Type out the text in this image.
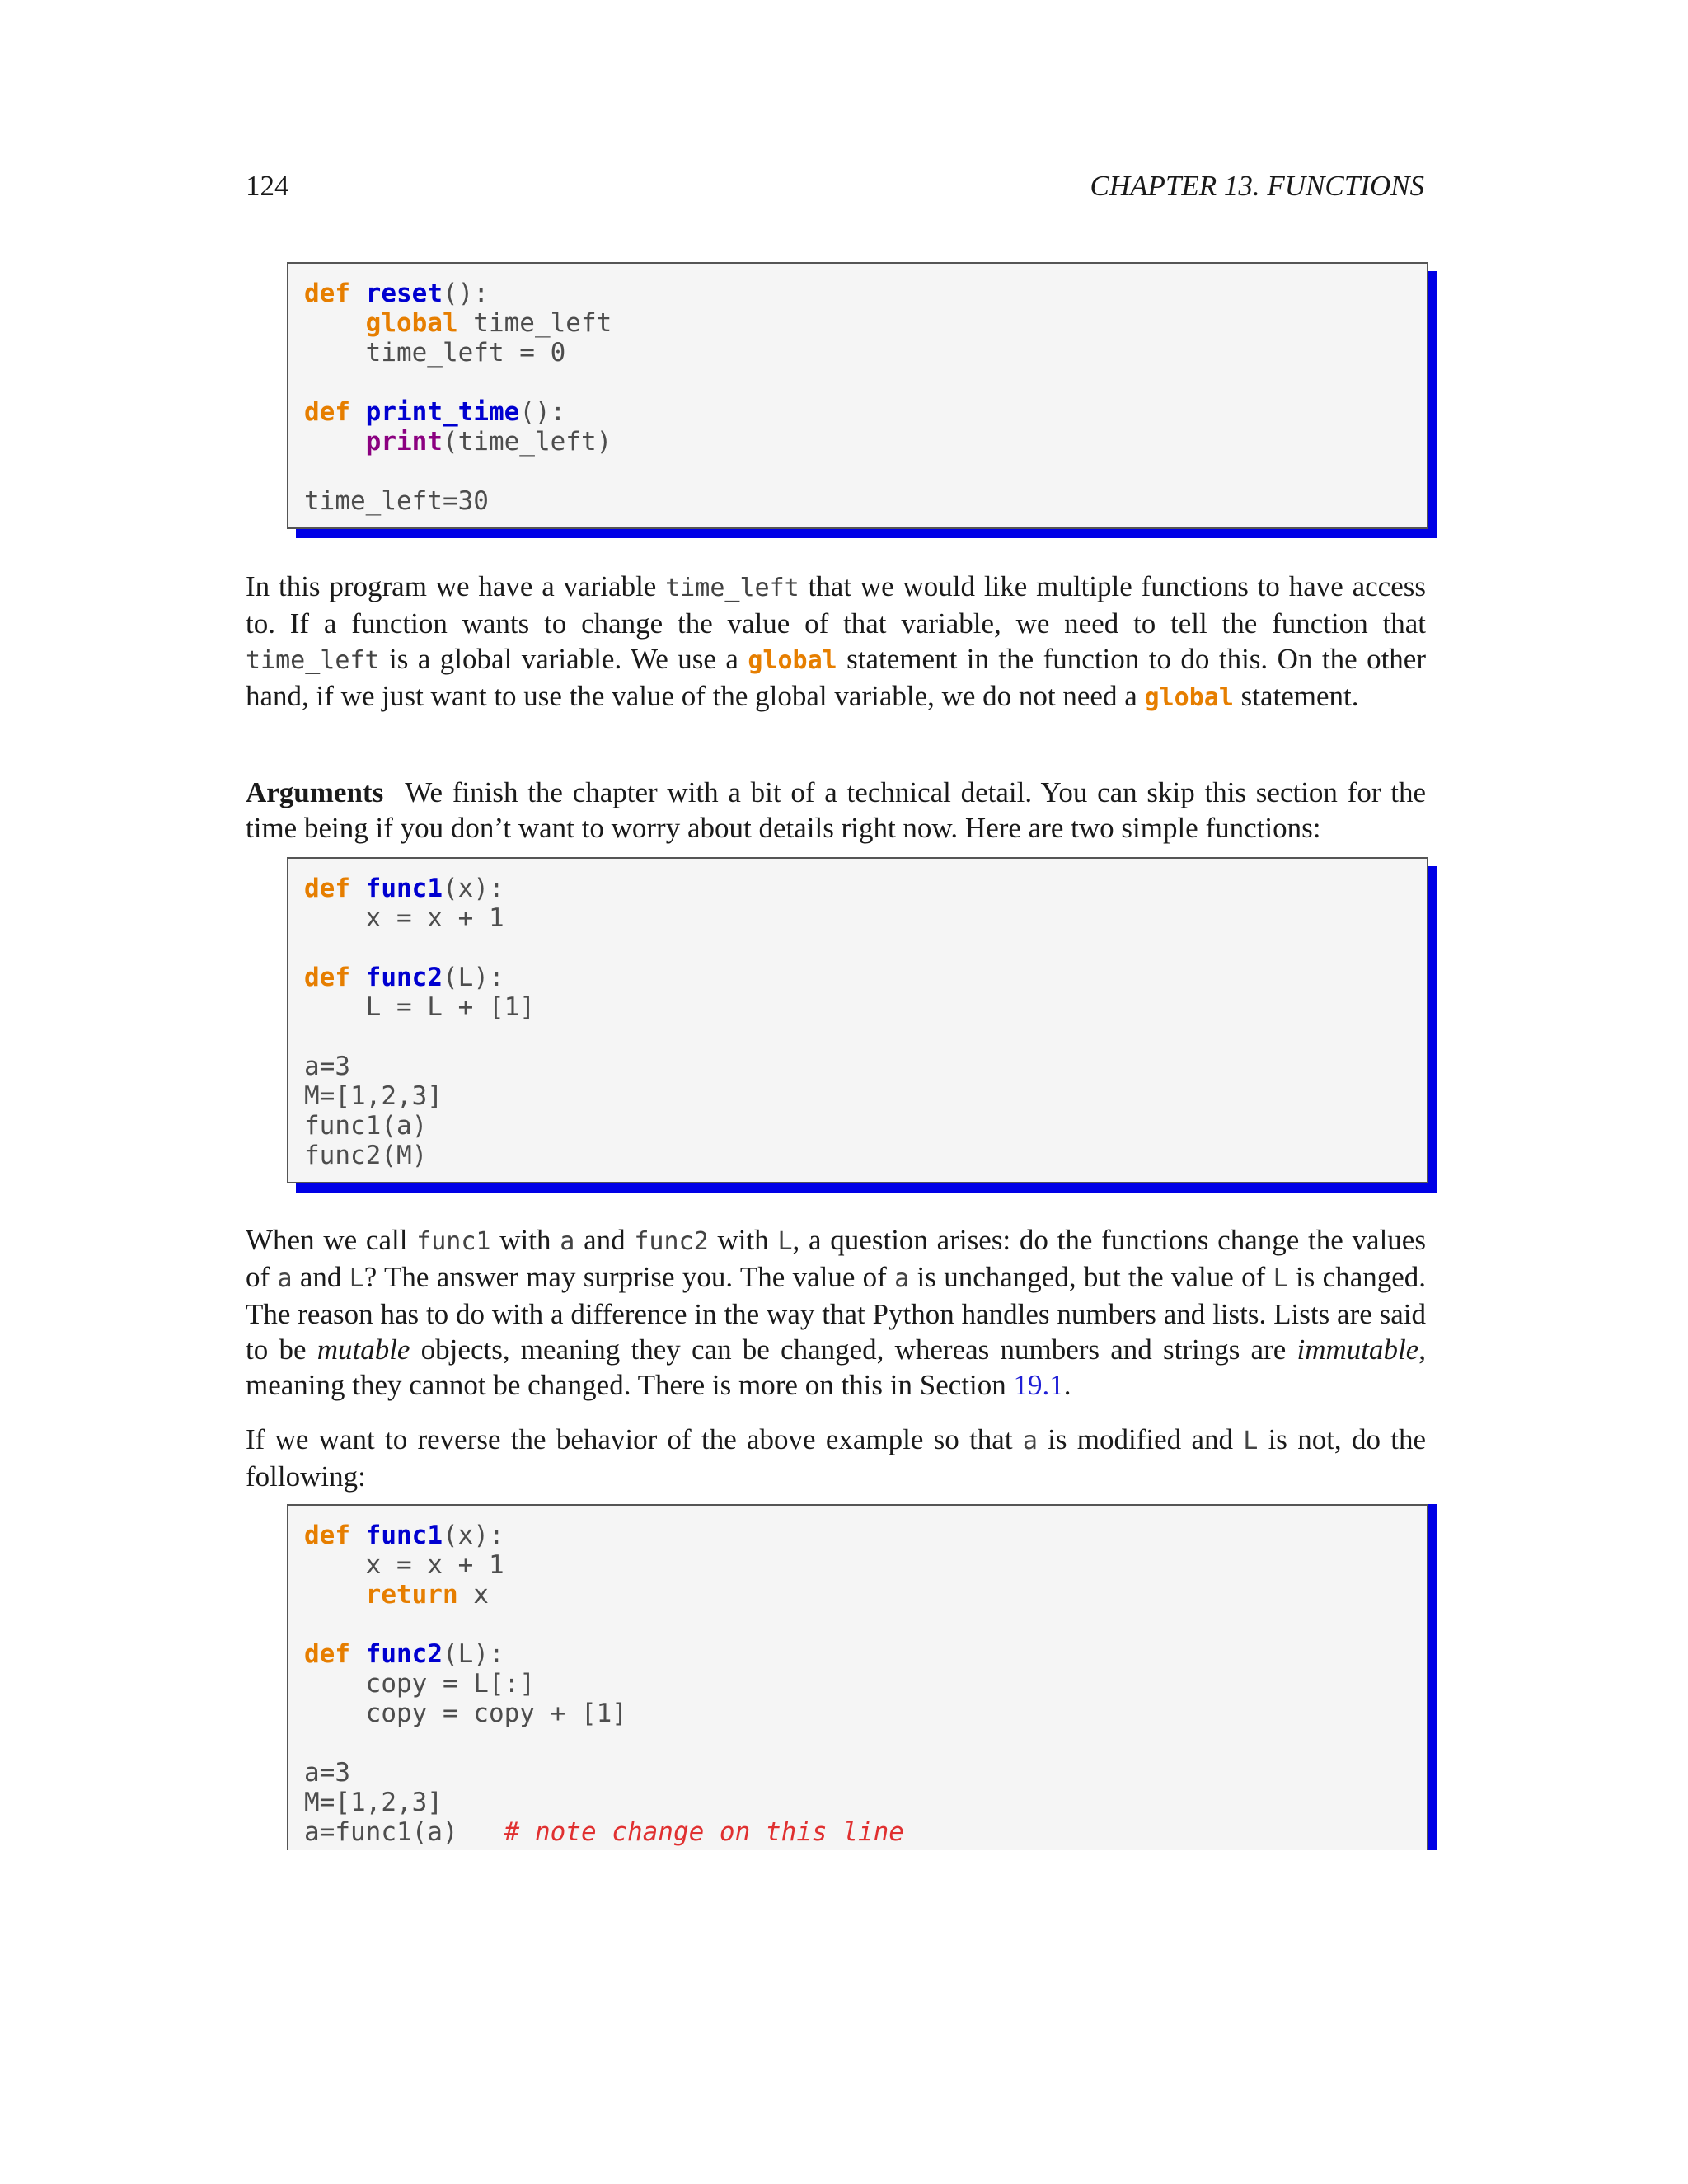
124	CHAPTER 13. FUNCTIONS
def reset():
global time_left
time_left = 0
def print_time():
print(time_left)
time_left=30

In this program we have a variable time_left that we would like multiple functions to have access to. If a function wants to change the value of that variable, we need to tell the function that time_left is a global variable. We use a global statement in the function to do this. On the other hand, if we just want to use the value of the global variable, we do not need a global statement.

Arguments We finish the chapter with a bit of a technical detail. You can skip this section for the time being if you don’t want to worry about details right now. Here are two simple functions:

def func1(x):
x = x + 1
def func2(L):
L = L + [1]
a=3
M=[1,2,3]
func1(a)
func2(M)

When we call func1 with a and func2 with L, a question arises: do the functions change the values of a and L? The answer may surprise you. The value of a is unchanged, but the value of L is changed. The reason has to do with a difference in the way that Python handles numbers and lists. Lists are said to be mutable objects, meaning they can be changed, whereas numbers and strings are immutable, meaning they cannot be changed. There is more on this in Section 19.1.

If we want to reverse the behavior of the above example so that a is modified and L is not, do the following:

def func1(x):
x = x + 1
return x
def func2(L):
copy = L[:]
copy = copy + [1]
a=3
M=[1,2,3]
a=func1(a)   # note change on this line
